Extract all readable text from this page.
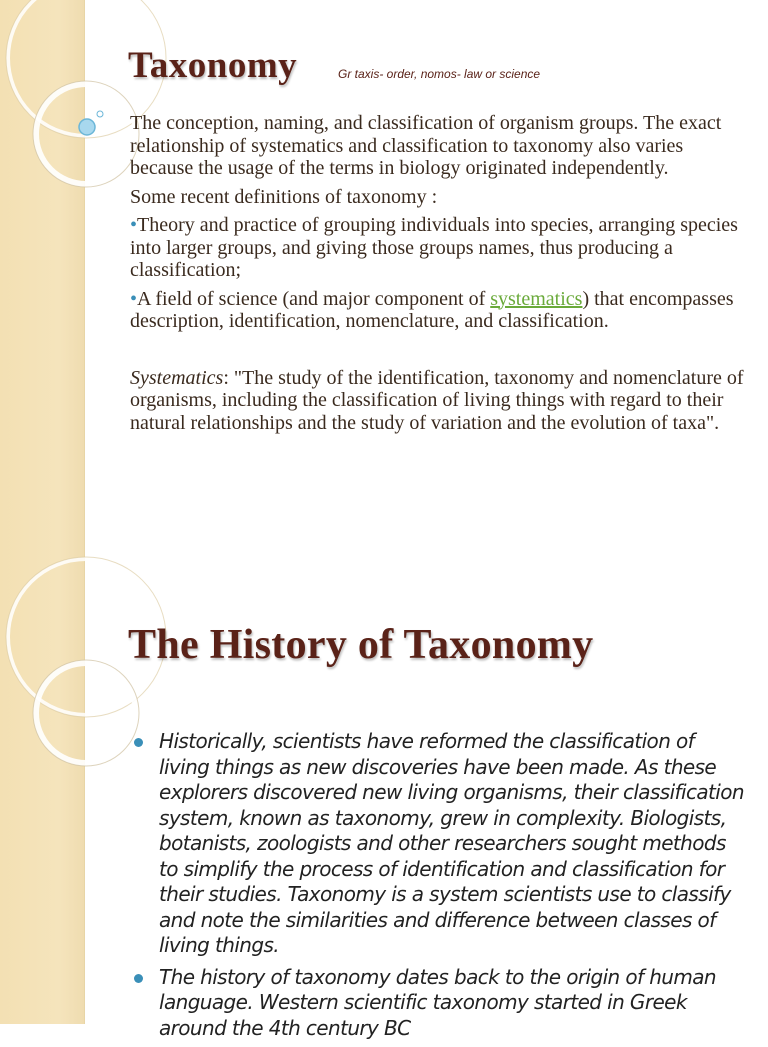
Taxonomy	Gr taxis- order, nomos- law or science

The conception, naming, and classification of organism groups. The exact relationship of systematics and classification to taxonomy also varies because the usage of the terms in biology originated independently.

Some recent definitions of taxonomy :

•Theory and practice of grouping individuals into species, arranging species into larger groups, and giving those groups names, thus producing a classification;

•A field of science (and major component of systematics) that encompasses description, identification, nomenclature, and classification.

Systematics: "The study of the identification, taxonomy and nomenclature of organisms, including the classification of living things with regard to their natural relationships and the study of variation and the evolution of taxa".

The History of Taxonomy
Historically, scientists have reformed the classification of living things as new discoveries have been made. As these explorers discovered new living organisms, their classification system, known as taxonomy, grew in complexity. Biologists, botanists, zoologists and other researchers sought methods to simplify the process of identification and classification for their studies. Taxonomy is a system scientists use to classify and note the similarities and difference between classes of living things.
The history of taxonomy dates back to the origin of human language. Western scientific taxonomy started in Greek around the 4th century BC
